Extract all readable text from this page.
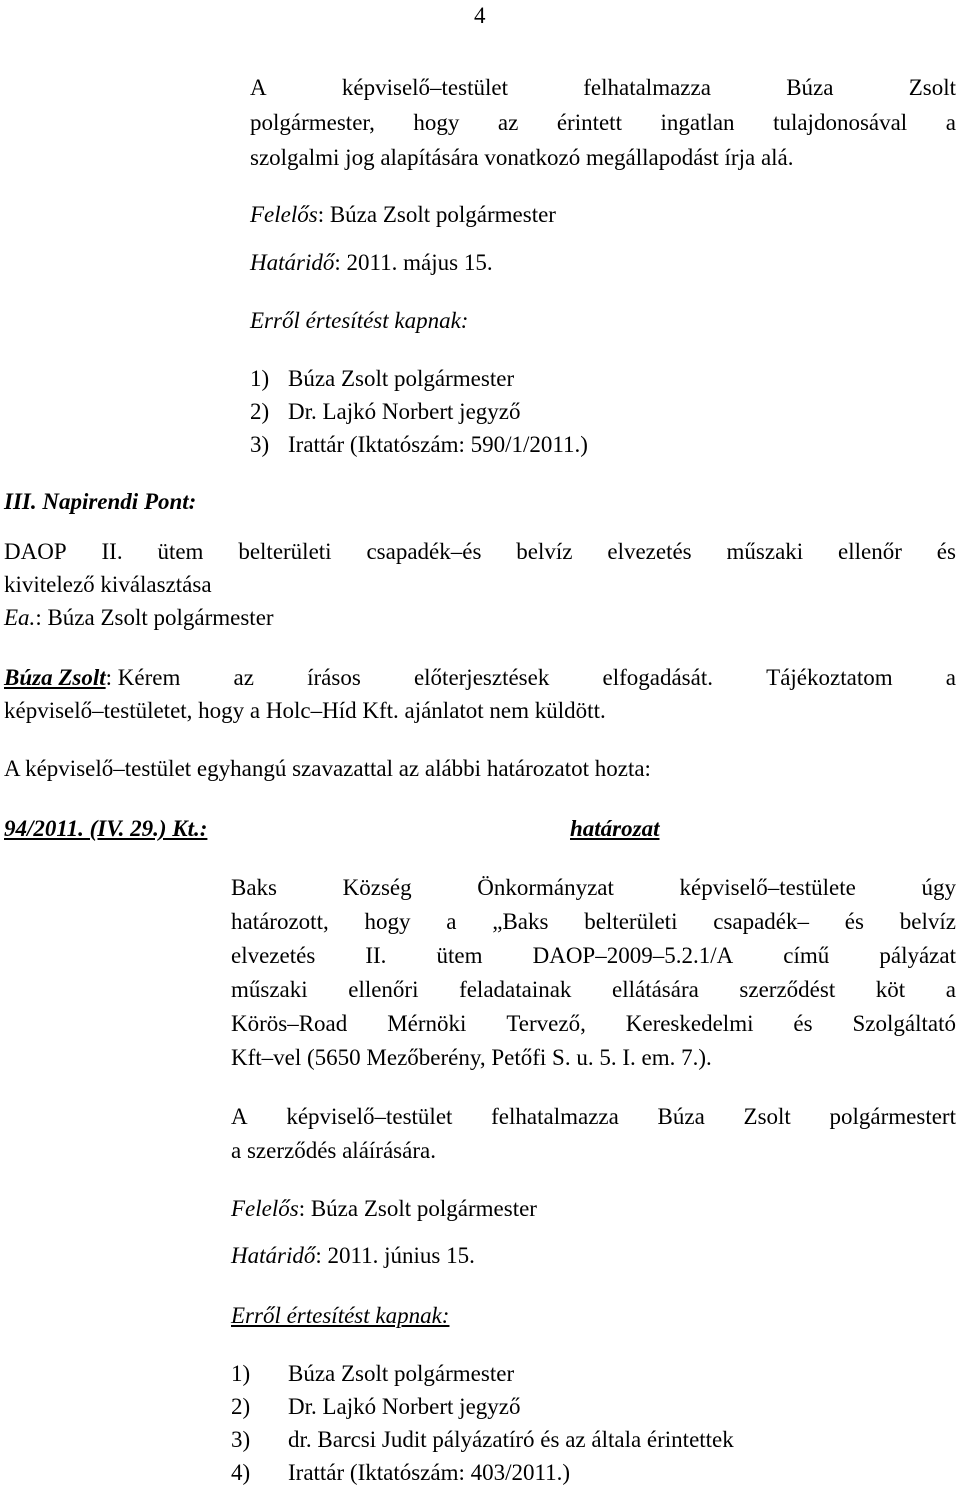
4
A	képviselő–testület	felhatalmazza	Búza	Zsolt
polgármester, hogy az érintett ingatlan tulajdonosával a
szolgalmi jog alapítására vonatkozó megállapodást írja alá.
Felelős: Búza Zsolt polgármester
Határidő: 2011. május 15.
Erről értesítést kapnak:
1) Búza Zsolt polgármester
2) Dr. Lajkó Norbert jegyző
3) Irattár (Iktatószám: 590/1/2011.)
III. Napirendi Pont:
DAOP II. ütem belterületi csapadék–és belvíz elvezetés műszaki ellenőr és
kivitelező kiválasztása
Ea.: Búza Zsolt polgármester
Búza Zsolt: Kérem az írásos előterjesztések elfogadását. Tájékoztatom a
képviselő–testületet, hogy a Holc–Híd Kft. ajánlatot nem küldött.
A képviselő–testület egyhangú szavazattal az alábbi határozatot hozta:
94/2011. (IV. 29.) Kt.:	határozat
Baks	Község	Önkormányzat	képviselő–testülete	úgy
határozott, hogy a „Baks belterületi csapadék– és belvíz
elvezetés II. ütem DAOP–2009–5.2.1/A című pályázat
műszaki ellenőri feladatainak ellátására szerződést köt a
Körös–Road Mérnöki Tervező, Kereskedelmi és Szolgáltató
Kft–vel (5650 Mezőberény, Petőfi S. u. 5. I. em. 7.).
A képviselő–testület felhatalmazza Búza Zsolt polgármestert
a szerződés aláírására.
Felelős: Búza Zsolt polgármester
Határidő: 2011. június 15.
Erről értesítést kapnak:
1) Búza Zsolt polgármester
2) Dr. Lajkó Norbert jegyző
3) dr. Barcsi Judit pályázatíró és az általa érintettek
4) Irattár (Iktatószám: 403/2011.)
